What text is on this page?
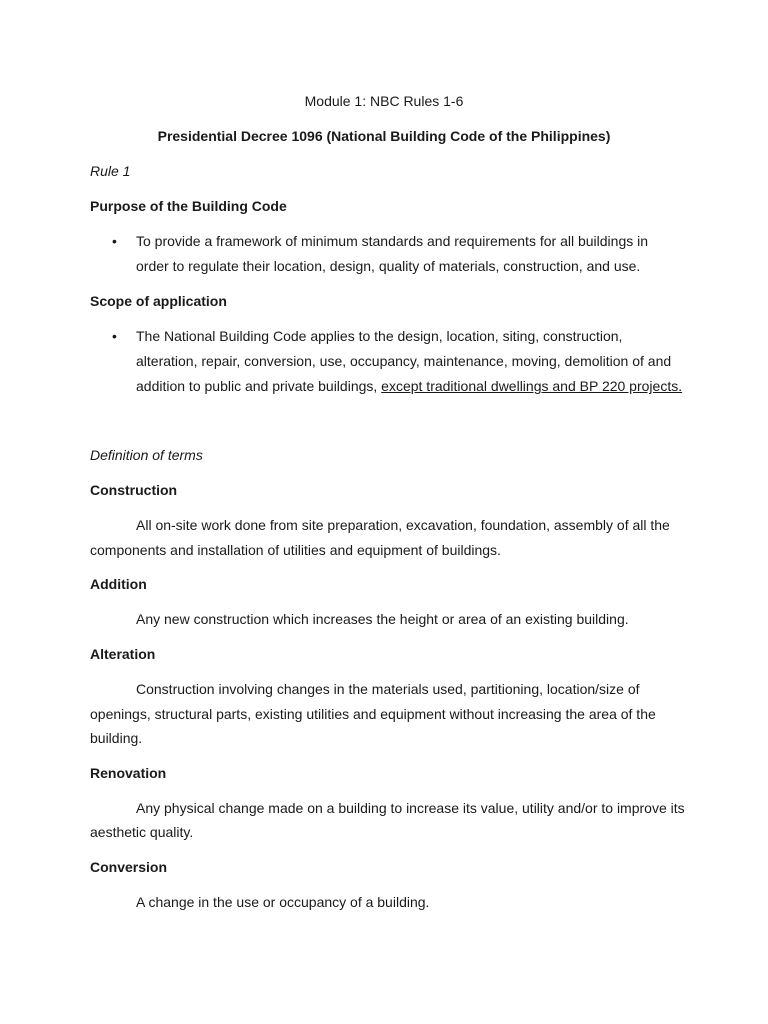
Module 1: NBC Rules 1-6
Presidential Decree 1096 (National Building Code of the Philippines)
Rule 1
Purpose of the Building Code
• To provide a framework of minimum standards and requirements for all buildings in
order to regulate their location, design, quality of materials, construction, and use.
Scope of application
• The National Building Code applies to the design, location, siting, construction,
alteration, repair, conversion, use, occupancy, maintenance, moving, demolition of and
addition to public and private buildings, except traditional dwellings and BP 220 projects.
Definition of terms
Construction
All on-site work done from site preparation, excavation, foundation, assembly of all the
components and installation of utilities and equipment of buildings.
Addition
Any new construction which increases the height or area of an existing building.
Alteration
Construction involving changes in the materials used, partitioning, location/size of
openings, structural parts, existing utilities and equipment without increasing the area of the
building.
Renovation
Any physical change made on a building to increase its value, utility and/or to improve its
aesthetic quality.
Conversion
A change in the use or occupancy of a building.
